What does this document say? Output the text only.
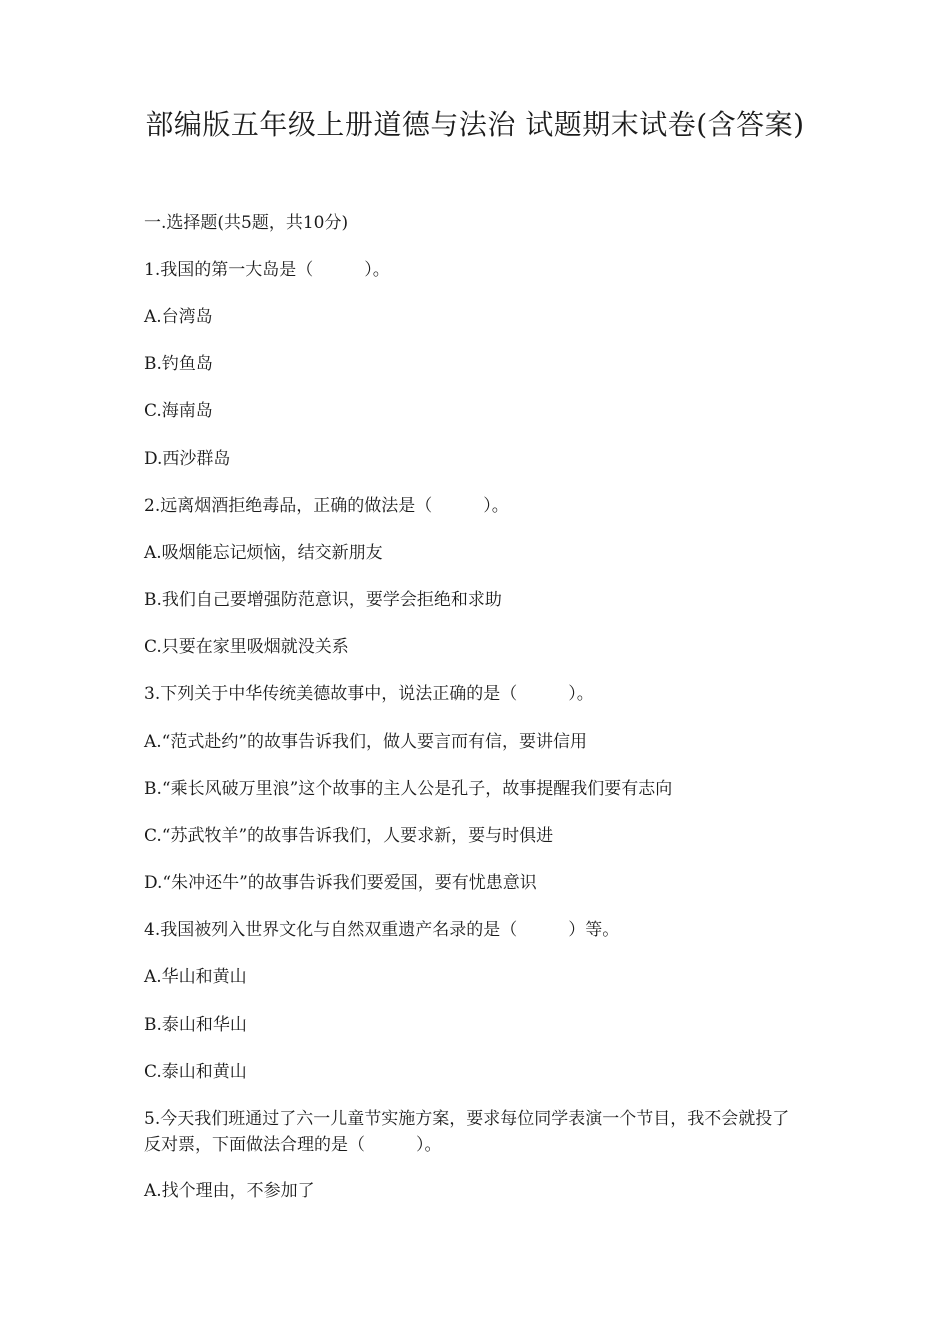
部编版五年级上册道德与法治 试题期末试卷(含答案)
一.选择题(共5题，共10分)
1.我国的第一大岛是（　　　）。
A.台湾岛
B.钓鱼岛
C.海南岛
D.西沙群岛
2.远离烟酒拒绝毒品，正确的做法是（　　　）。
A.吸烟能忘记烦恼，结交新朋友
B.我们自己要增强防范意识，要学会拒绝和求助
C.只要在家里吸烟就没关系
3.下列关于中华传统美德故事中，说法正确的是（　　　）。
A.“范式赴约”的故事告诉我们，做人要言而有信，要讲信用
B.“乘长风破万里浪”这个故事的主人公是孔子，故事提醒我们要有志向
C.“苏武牧羊”的故事告诉我们，人要求新，要与时俱进
D.“朱冲还牛”的故事告诉我们要爱国，要有忧患意识
4.我国被列入世界文化与自然双重遗产名录的是（　　　）等。
A.华山和黄山
B.泰山和华山
C.泰山和黄山
5.今天我们班通过了六一儿童节实施方案，要求每位同学表演一个节目，我不会就投了反对票，下面做法合理的是（　　　）。
A.找个理由，不参加了
